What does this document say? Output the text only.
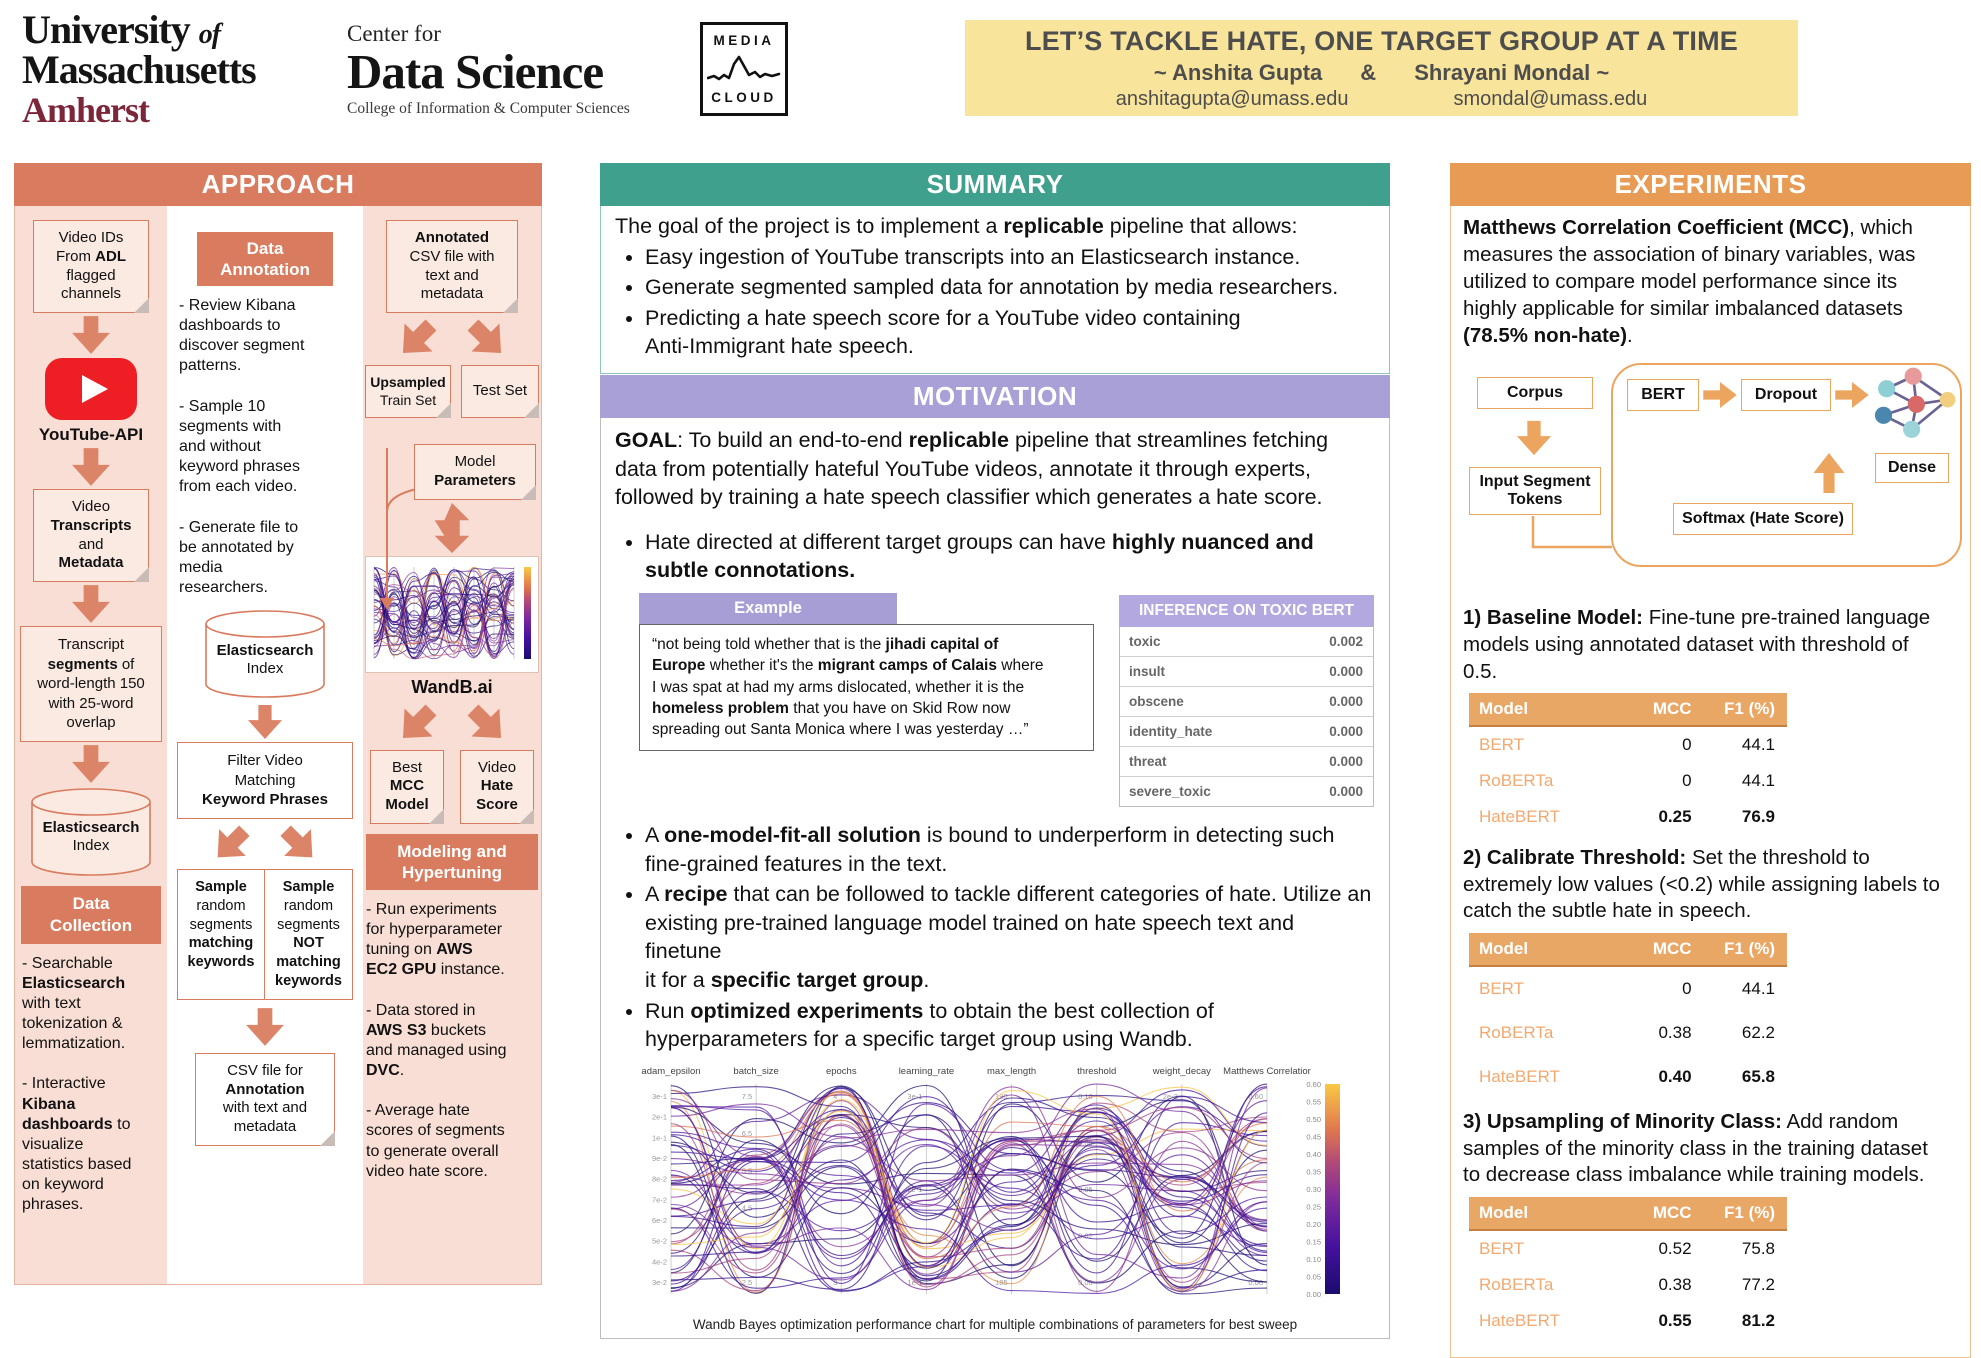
University of
Massachusetts
Amherst
Center for
Data Science
College of Information & Computer Sciences
MEDIA
CLOUD
LET’S TACKLE HATE, ONE TARGET GROUP AT A TIME
~ Anshita Gupta & Shrayani Mondal ~
anshitagupta@umass.edu	smondal@umass.edu
APPROACH
Video IDs
From ADL
flagged
channels
YouTube-API
Video
Transcripts
and
Metadata
Transcript
segments of
word-length 150
with 25-word
overlap
Elasticsearch
Index
Data
Collection
- Searchable
Elasticsearch
with text
tokenization &
lemmatization.

- Interactive
Kibana
dashboards to
visualize
statistics based
on keyword
phrases.
Data
Annotation
- Review Kibana
dashboards to
discover segment
patterns.

- Sample 10
segments with
and without
keyword phrases
from each video.

- Generate file to
be annotated by
media
researchers.
Elasticsearch
Index
Filter Video
Matching
Keyword Phrases
Sample
random
segments
matching
keywords
Sample
random
segments
NOT
matching
keywords
CSV file for
Annotation
with text and
metadata
Annotated
CSV file with
text and
metadata
Upsampled
Train Set
Test Set
Model
Parameters
WandB.ai
Best
MCC
Model
Video
Hate
Score
Modeling and
Hypertuning
- Run experiments
for hyperparameter
tuning on AWS
EC2 GPU instance.

- Data stored in
AWS S3 buckets
and managed using
DVC.

- Average hate
scores of segments
to generate overall
video hate score.
SUMMARY
The goal of the project is to implement a replicable pipeline that allows:
• Easy ingestion of YouTube transcripts into an Elasticsearch instance.
• Generate segmented sampled data for annotation by media researchers.
• Predicting a hate speech score for a YouTube video containing
Anti-Immigrant hate speech.
MOTIVATION
GOAL: To build an end-to-end replicable pipeline that streamlines fetching
data from potentially hateful YouTube videos, annotate it through experts,
followed by training a hate speech classifier which generates a hate score.
• Hate directed at different target groups can have highly nuanced and
subtle connotations.
Example
“not being told whether that is the jihadi capital of
Europe whether it's the migrant camps of Calais where
I was spat at had my arms dislocated, whether it is the
homeless problem that you have on Skid Row now
spreading out Santa Monica where I was yesterday …”
INFERENCE ON TOXIC BERT
toxic	0.002
insult	0.000
obscene	0.000
identity_hate	0.000
threat	0.000
severe_toxic	0.000
• A one-model-fit-all solution is bound to underperform in detecting such
fine-grained features in the text.
• A recipe that can be followed to tackle different categories of hate. Utilize an
existing pre-trained language model trained on hate speech text and finetune
it for a specific target group.
• Run optimized experiments to obtain the best collection of
hyperparameters for a specific target group using Wandb.
adam_epsilon
3e-1
2e-1
1e-1
9e-2
8e-2
7e-2
6e-2
5e-2
4e-2
3e-2
batch_size
7.5
6.5
5.5
4.5
3.5
2.5
epochs
4
3
learning_rate
3e-1
2e-1
1e-1
max_length
190
185
threshold
0.10
0.06
0.05
0.02
0.00
weight_decay
2e-2
Matthews Correlatior
0.60
0.00
0.60
0.55
0.50
0.45
0.40
0.35
0.30
0.25
0.20
0.15
0.10
0.05
0.00
Wandb Bayes optimization performance chart for multiple combinations of parameters for best sweep
EXPERIMENTS
Matthews Correlation Coefficient (MCC), which
measures the association of binary variables, was
utilized to compare model performance since its
highly applicable for similar imbalanced datasets
(78.5% non-hate).
Corpus
Input Segment
Tokens
BERT	Dropout
Dense
Softmax (Hate Score)
1) Baseline Model: Fine-tune pre-trained language
models using annotated dataset with threshold of
0.5.
Model	MCC	F1 (%)
BERT	0	44.1
RoBERTa	0	44.1
HateBERT	0.25	76.9
2) Calibrate Threshold: Set the threshold to
extremely low values (<0.2) while assigning labels to
catch the subtle hate in speech.
Model	MCC	F1 (%)
BERT	0	44.1
RoBERTa	0.38	62.2
HateBERT	0.40	65.8
3) Upsampling of Minority Class: Add random
samples of the minority class in the training dataset
to decrease class imbalance while training models.
Model	MCC	F1 (%)
BERT	0.52	75.8
RoBERTa	0.38	77.2
HateBERT	0.55	81.2
